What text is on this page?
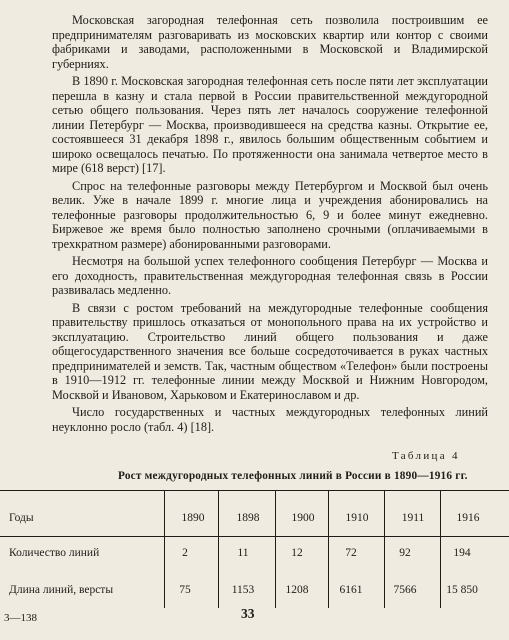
Московская загородная телефонная сеть позволила построившим ее предпринимателям разговаривать из московских квартир или контор с своими фабриками и заводами, расположенными в Московской и Владимирской губерниях.

В 1890 г. Московская загородная телефонная сеть после пяти лет эксплуатации перешла в казну и стала первой в России правительственной междугородной сетью общего пользования. Через пять лет началось сооружение телефонной линии Петербург — Москва, производившееся на средства казны. Открытие ее, состоявшееся 31 декабря 1898 г., явилось большим общественным событием и широко освещалось печатью. По протяженности она занимала четвертое место в мире (618 верст) [17].

Спрос на телефонные разговоры между Петербургом и Москвой был очень велик. Уже в начале 1899 г. многие лица и учреждения абонировались на телефонные разговоры продолжительностью 6, 9 и более минут ежедневно. Биржевое же время было полностью заполнено срочными (оплачиваемыми в трехкратном размере) абонированными разговорами.

Несмотря на большой успех телефонного сообщения Петербург — Москва и его доходность, правительственная междугородная телефонная связь в России развивалась медленно.

В связи с ростом требований на междугородные телефонные сообщения правительству пришлось отказаться от монопольного права на их устройство и эксплуатацию. Строительство линий общего пользования и даже общегосударственного значения все больше сосредоточивается в руках частных предпринимателей и земств. Так, частным обществом «Телефон» были построены в 1910—1912 гг. телефонные линии между Москвой и Нижним Новгородом, Москвой и Ивановом, Харьковом и Екатеринославом и др.

Число государственных и частных междугородных телефонных линий неуклонно росло (табл. 4) [18].

Таблица 4
Рост междугородных телефонных линий в России в 1890—1916 гг.
Годы	1890	1898	1900	1910	1911	1916
Количество линий	2	11	12	72	92	194
Длина линий, версты	75	1153	1208	6161	7566	15 850
3—138	33
